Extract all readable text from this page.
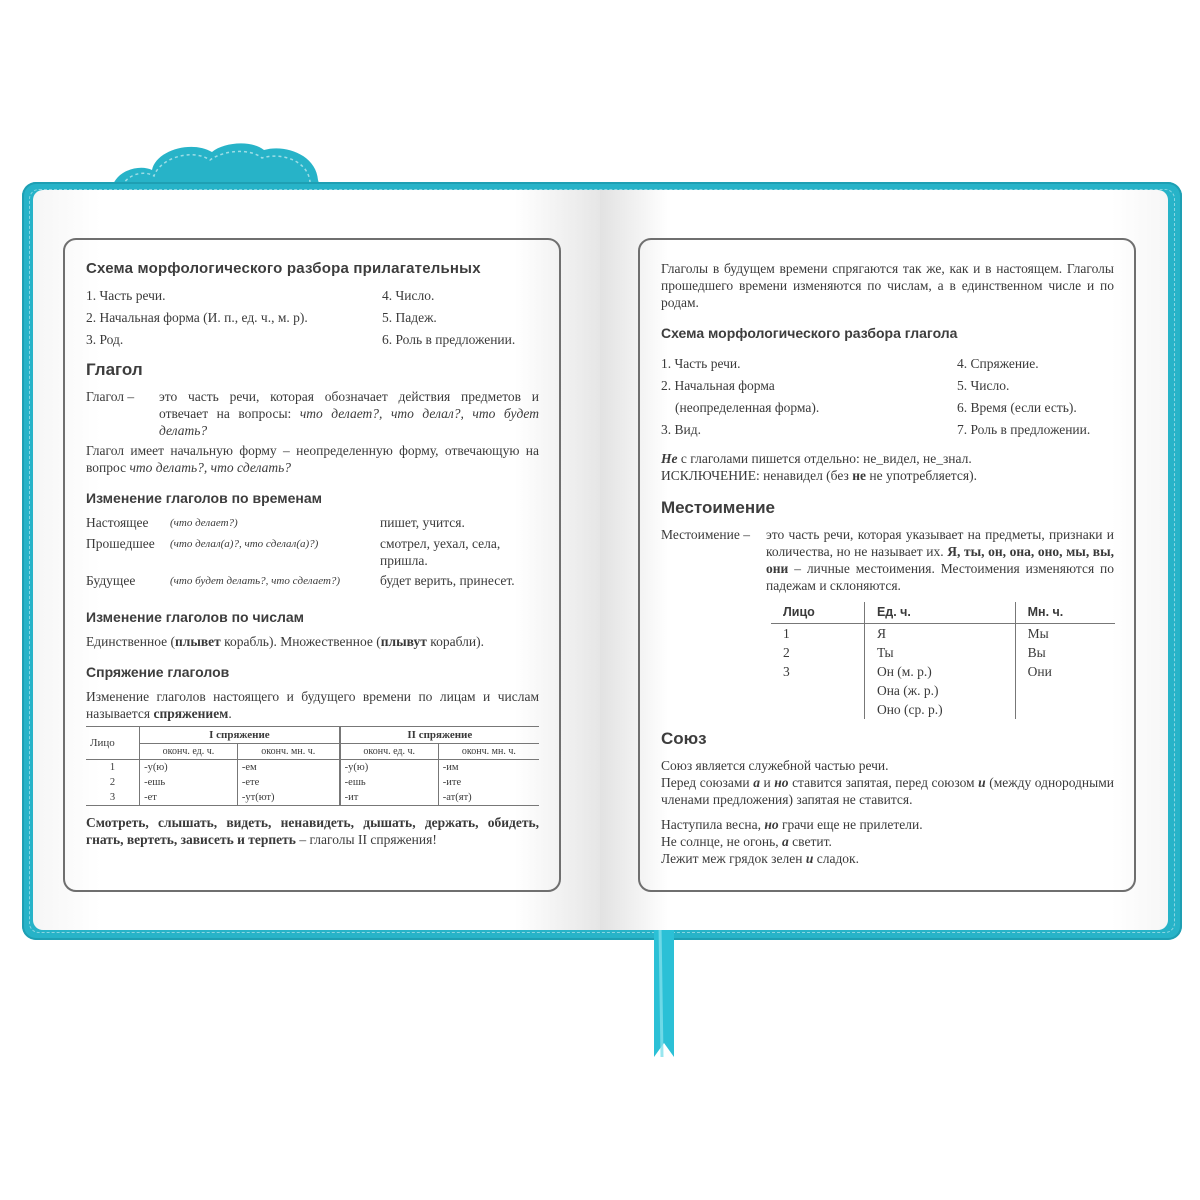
Схема морфологического разбора прилагательных
1. Часть речи.	4. Число.
2. Начальная форма (И. п., ед. ч., м. р).	5. Падеж.
3. Род.	6. Роль в предложении.
Глагол
Глагол –	это часть речи, которая обозначает действия предметов и отвечает на вопросы: что делает?, что делал?, что будет делать?

Глагол имеет начальную форму – неопределенную форму, отвечающую на вопрос что делать?, что сделать?

Изменение глаголов по временам
Настоящее	(что делает?)	пишет, учится.
Прошедшее	(что делал(а)?, что сделал(а)?)	смотрел, уехал, села, пришла.
Будущее	(что будет делать?, что сделает?)	будет верить, принесет.
Изменение глаголов по числам

Единственное (плывет корабль). Множественное (плывут корабли).

Спряжение глаголов

Изменение глаголов настоящего и будущего времени по лицам и числам называется спряжением.

Лицо	I спряжение		II спряжение	
	оконч. ед. ч.	оконч. мн. ч.	оконч. ед. ч.	оконч. мн. ч.
1	-у(ю)	-ем	-у(ю)	-им
2	-ешь	-ете	-ешь	-ите
3	-ет	-ут(ют)	-ит	-ат(ят)

Смотреть, слышать, видеть, ненавидеть, дышать, держать, обидеть, гнать, вертеть, зависеть и терпеть – глаголы II спряжения!

Глаголы в будущем времени спрягаются так же, как и в настоящем. Глаголы прошедшего времени изменяются по числам, а в единственном числе и по родам.

Схема морфологического разбора глагола
1. Часть речи.	4. Спряжение.
2. Начальная форма	5. Число.
(неопределенная форма).	6. Время (если есть).
3. Вид.	7. Роль в предложении.

Не с глаголами пишется отдельно: не_видел, не_знал.

ИСКЛЮЧЕНИЕ: ненавидел (без не не употребляется).

Местоимение
Местоимение –	это часть речи, которая указывает на предметы, признаки и количества, но не называет их. Я, ты, он, она, оно, мы, вы, они – личные местоимения. Местоимения изменяются по падежам и склоняются.
Лицо	Ед. ч.	Мн. ч.
1	Я	Мы
2	Ты	Вы
3	Он (м. р.)	Они
	Она (ж. р.)	
	Оно (ср. р.)	
Союз

Союз является служебной частью речи.

Перед союзами а и но ставится запятая, перед союзом и (между однородными членами предложения) запятая не ставится.

Наступила весна, но грачи еще не прилетели.

Не солнце, не огонь, а светит.

Лежит меж грядок зелен и сладок.
